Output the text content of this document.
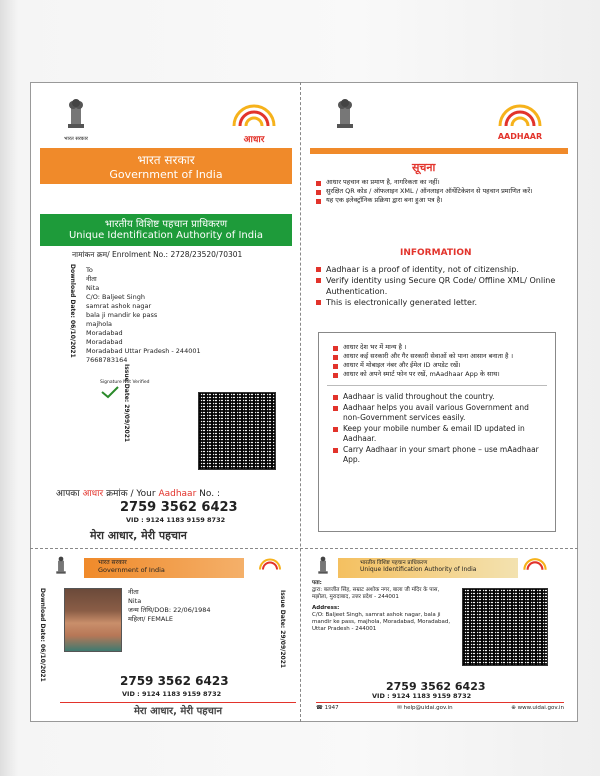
भारत सरकार	आधार
भारत सरकार
Government of India
भारतीय विशिष्ट पहचान प्राधिकरण
Unique Identification Authority of India
नामांकन क्रम/ Enrolment No.: 2728/23520/70301
Download Date: 06/10/2021
Issue Date: 29/09/2021
To
नीता
Nita
C/O: Baljeet Singh
samrat ashok nagar
bala ji mandir ke pass
majhola
Moradabad
Moradabad
Moradabad Uttar Pradesh - 244001
7668783164
Signature Not Verified
आपका आधार क्रमांक / Your Aadhaar No. :
2759 3562 6423
VID : 9124 1183 9159 8732
मेरा आधार, मेरी पहचान
AADHAAR
सूचना
आधार पहचान का प्रमाण है, नागरिकता का नहीं।
सुरक्षित QR कोड / ऑफलाइन XML / ऑनलाइन ऑथेंटिकेशन से पहचान प्रमाणित करें।
यह एक इलेक्ट्रॉनिक प्रक्रिया द्वारा बना हुआ पत्र है।
INFORMATION
Aadhaar is a proof of identity, not of citizenship.
Verify identity using Secure QR Code/ Offline XML/ Online Authentication.
This is electronically generated letter.
आधार देश भर में मान्य है ।
आधार कई सरकारी और गैर सरकारी सेवाओं को पाना आसान बनाता है ।
आधार में मोबाइल नंबर और ईमेल ID अपडेट रखें।
आधार को अपने स्मार्ट फोन पर रखें, mAadhaar App के साथ।
Aadhaar is valid throughout the country.
Aadhaar helps you avail various Government and non-Government services easily.
Keep your mobile number & email ID updated in Aadhaar.
Carry Aadhaar in your smart phone – use mAadhaar App.
भारत सरकार
Government of India
Download Date: 06/10/2021	Issue Date: 29/09/2021
नीता
Nita
जन्म तिथि/DOB: 22/06/1984
महिला/ FEMALE
2759 3562 6423
VID : 9124 1183 9159 8732
मेरा आधार, मेरी पहचान
भारतीय विशिष्ट पहचान प्राधिकरण
Unique Identification Authority of India
पता:
द्वारा: बलजीत सिंह, सम्राट अशोक नगर, बाला जी मंदिर के पास, मझोला, मुरादाबाद, उत्तर प्रदेश - 244001
Address:
C/O: Baljeet Singh, samrat ashok nagar, bala ji mandir ke pass, majhola, Moradabad, Moradabad, Uttar Pradesh - 244001
2759 3562 6423
VID : 9124 1183 9159 8732
☎ 1947	✉ help@uidai.gov.in	⊕ www.uidai.gov.in
